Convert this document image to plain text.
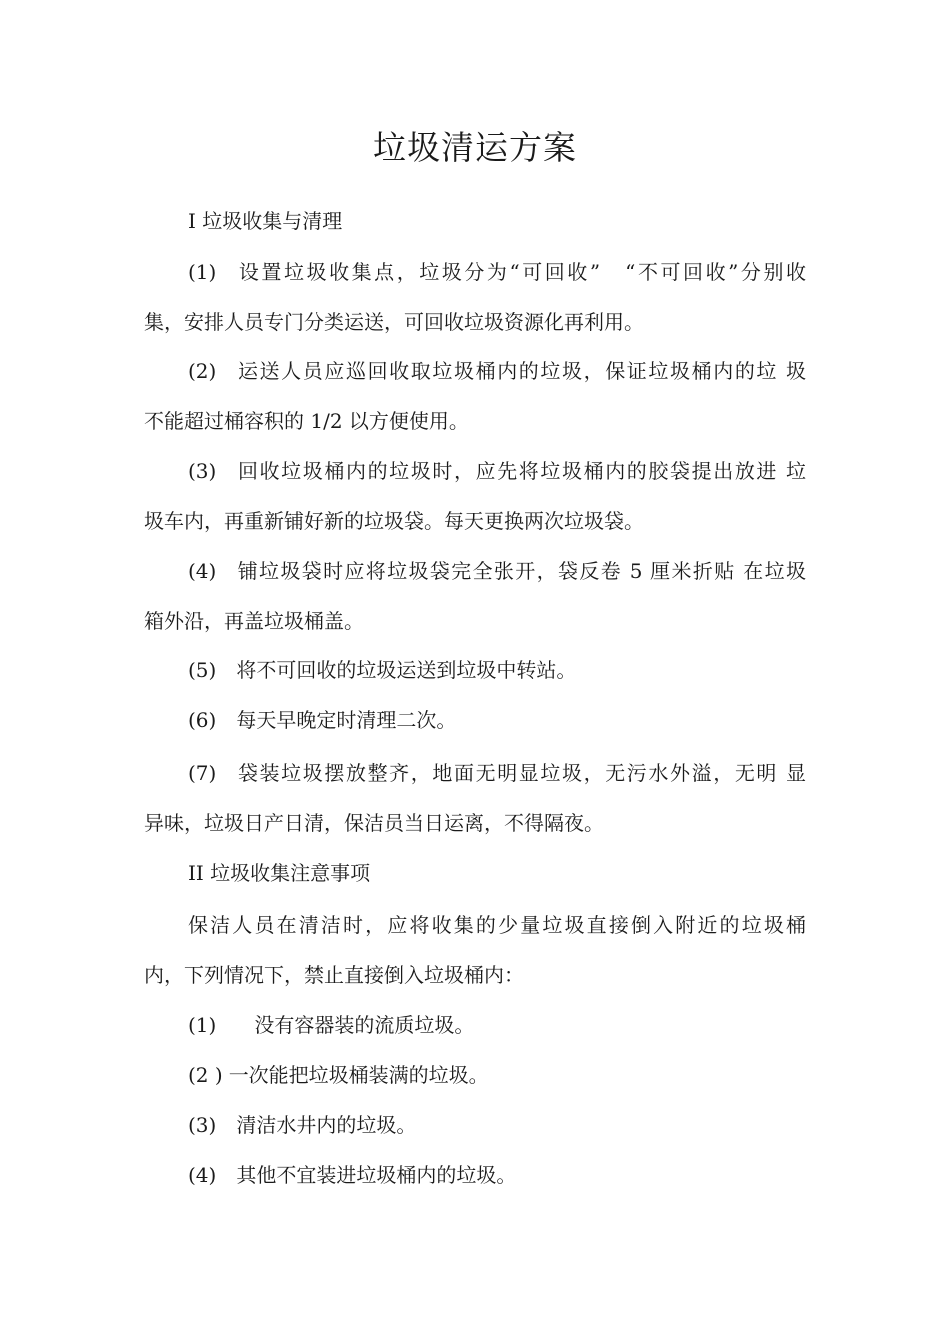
垃圾清运方案

I 垃圾收集与清理

(1) 设置垃圾收集点，垃圾分为“可回收”　“不可回收”分别收

集，安排人员专门分类运送，可回收垃圾资源化再利用。

(2) 运送人员应巡回收取垃圾桶内的垃圾，保证垃圾桶内的垃 圾

不能超过桶容积的 1/2 以方便使用。

(3) 回收垃圾桶内的垃圾时，应先将垃圾桶内的胶袋提出放进 垃

圾车内，再重新铺好新的垃圾袋。每天更换两次垃圾袋。

(4) 铺垃圾袋时应将垃圾袋完全张开，袋反卷 5 厘米折贴 在垃圾

箱外沿，再盖垃圾桶盖。

(5) 将不可回收的垃圾运送到垃圾中转站。

(6) 每天早晚定时清理二次。

(7) 袋装垃圾摆放整齐，地面无明显垃圾，无污水外溢，无明 显

异味，垃圾日产日清，保洁员当日运离，不得隔夜。

II 垃圾收集注意事项

保洁人员在清洁时，应将收集的少量垃圾直接倒入附近的垃圾桶

内，下列情况下，禁止直接倒入垃圾桶内：

(1) 没有容器装的流质垃圾。

(2 ) 一次能把垃圾桶装满的垃圾。

(3) 清洁水井内的垃圾。

(4) 其他不宜装进垃圾桶内的垃圾。
